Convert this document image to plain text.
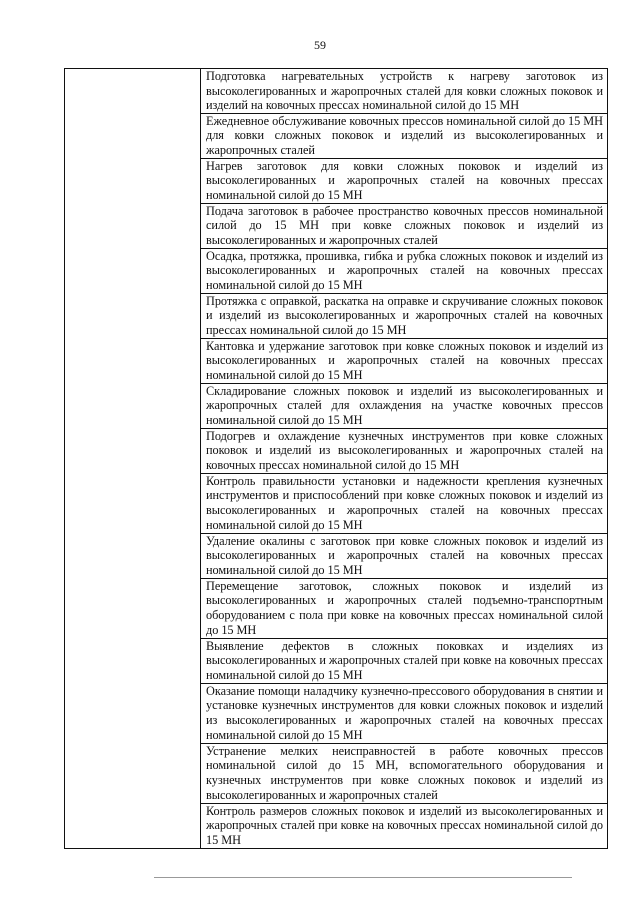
59

Подготовка нагревательных устройств к нагреву заготовок из высоколегированных и жаропрочных сталей для ковки сложных поковок и изделий на ковочных прессах номинальной силой до 15 МН

Ежедневное обслуживание ковочных прессов номинальной силой до 15 МН для ковки сложных поковок и изделий из высоколегированных и жаропрочных сталей

Нагрев заготовок для ковки сложных поковок и изделий из высоколегированных и жаропрочных сталей на ковочных прессах номинальной силой до 15 МН

Подача заготовок в рабочее пространство ковочных прессов номинальной силой до 15 МН при ковке сложных поковок и изделий из высоколегированных и жаропрочных сталей

Осадка, протяжка, прошивка, гибка и рубка сложных поковок и изделий из высоколегированных и жаропрочных сталей на ковочных прессах номинальной силой до 15 МН

Протяжка с оправкой, раскатка на оправке и скручивание сложных поковок и изделий из высоколегированных и жаропрочных сталей на ковочных прессах номинальной силой до 15 МН

Кантовка и удержание заготовок при ковке сложных поковок и изделий из высоколегированных и жаропрочных сталей на ковочных прессах номинальной силой до 15 МН

Складирование сложных поковок и изделий из высоколегированных и жаропрочных сталей для охлаждения на участке ковочных прессов номинальной силой до 15 МН

Подогрев и охлаждение кузнечных инструментов при ковке сложных поковок и изделий из высоколегированных и жаропрочных сталей на ковочных прессах номинальной силой до 15 МН

Контроль правильности установки и надежности крепления кузнечных инструментов и приспособлений при ковке сложных поковок и изделий из высоколегированных и жаропрочных сталей на ковочных прессах номинальной силой до 15 МН

Удаление окалины с заготовок при ковке сложных поковок и изделий из высоколегированных и жаропрочных сталей на ковочных прессах номинальной силой до 15 МН

Перемещение заготовок, сложных поковок и изделий из высоколегированных и жаропрочных сталей подъемно-транспортным оборудованием с пола при ковке на ковочных прессах номинальной силой до 15 МН

Выявление дефектов в сложных поковках и изделиях из высоколегированных и жаропрочных сталей при ковке на ковочных прессах номинальной силой до 15 МН

Оказание помощи наладчику кузнечно-прессового оборудования в снятии и установке кузнечных инструментов для ковки сложных поковок и изделий из высоколегированных и жаропрочных сталей на ковочных прессах номинальной силой до 15 МН

Устранение мелких неисправностей в работе ковочных прессов номинальной силой до 15 МН, вспомогательного оборудования и кузнечных инструментов при ковке сложных поковок и изделий из высоколегированных и жаропрочных сталей

Контроль размеров сложных поковок и изделий из высоколегированных и жаропрочных сталей при ковке на ковочных прессах номинальной силой до 15 МН
